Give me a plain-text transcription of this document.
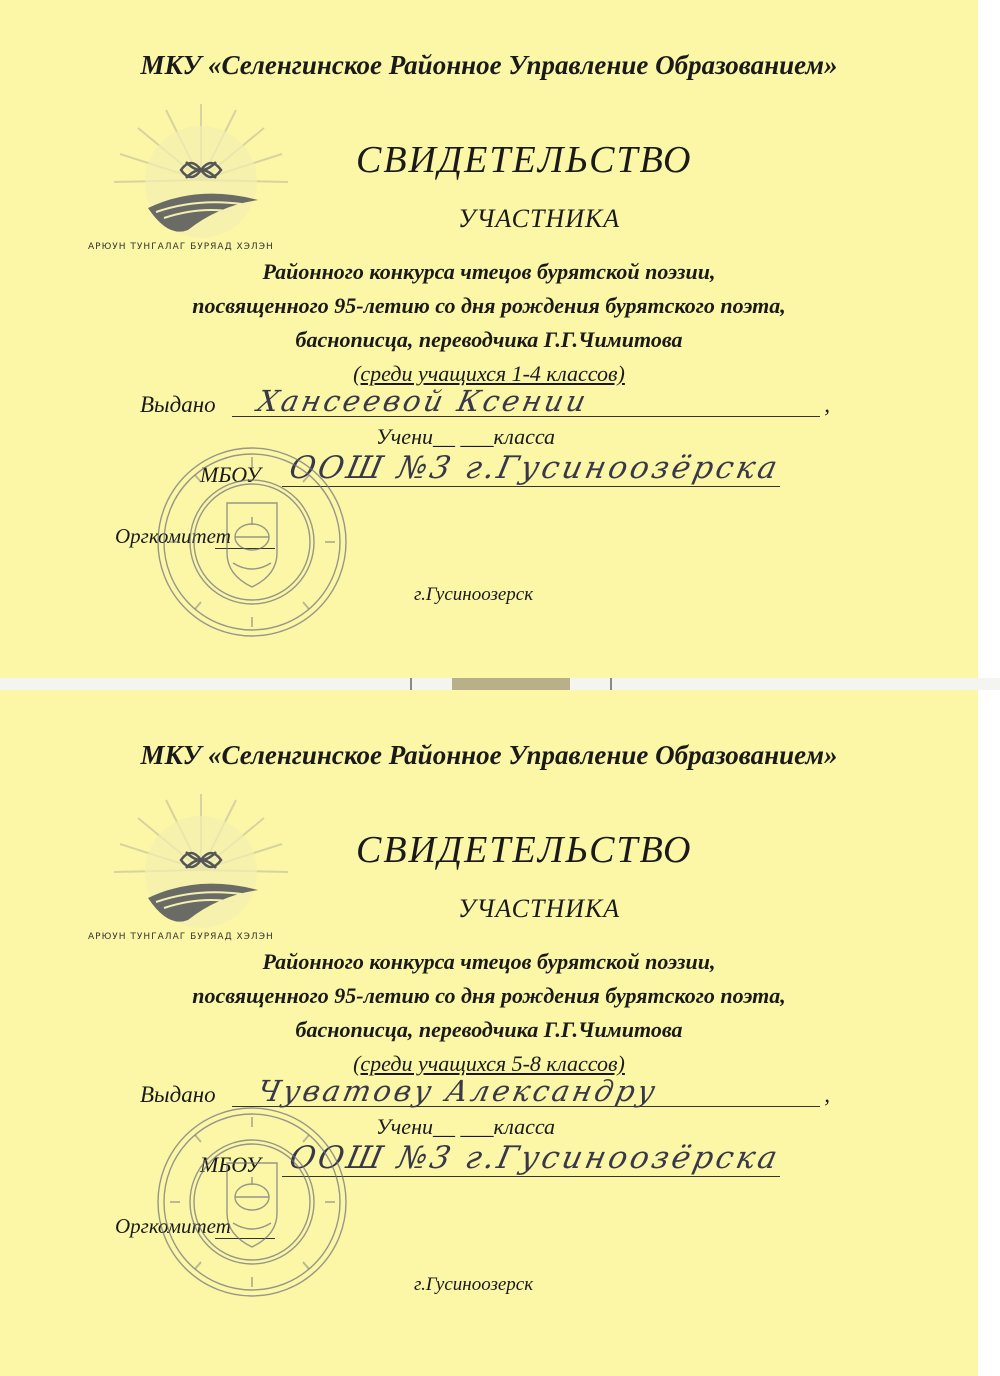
МКУ «Селенгинское Районное Управление Образованием»
АРЮУН ТУНГАЛАГ БУРЯАД ХЭЛЭН
СВИДЕТЕЛЬСТВО
УЧАСТНИКА
Районного конкурса чтецов бурятской поэзии,
посвященного 95-летию со дня рождения бурятского поэта,
баснописца, переводчика Г.Г.Чимитова
(среди учащихся 1-4 классов)
Выдано Хансеевой Ксении	,
Учени__ ___класса
МБОУ ООШ №3 г.Гусиноозёрска
Оргкомитет
г.Гусиноозерск
МКУ «Селенгинское Районное Управление Образованием»
АРЮУН ТУНГАЛАГ БУРЯАД ХЭЛЭН
СВИДЕТЕЛЬСТВО
УЧАСТНИКА
Районного конкурса чтецов бурятской поэзии,
посвященного 95-летию со дня рождения бурятского поэта,
баснописца, переводчика Г.Г.Чимитова
(среди учащихся 5-8 классов)
Выдано Чуватову Александру	,
Учени__ ___класса
МБОУ ООШ №3 г.Гусиноозёрска
Оргкомитет
г.Гусиноозерск
